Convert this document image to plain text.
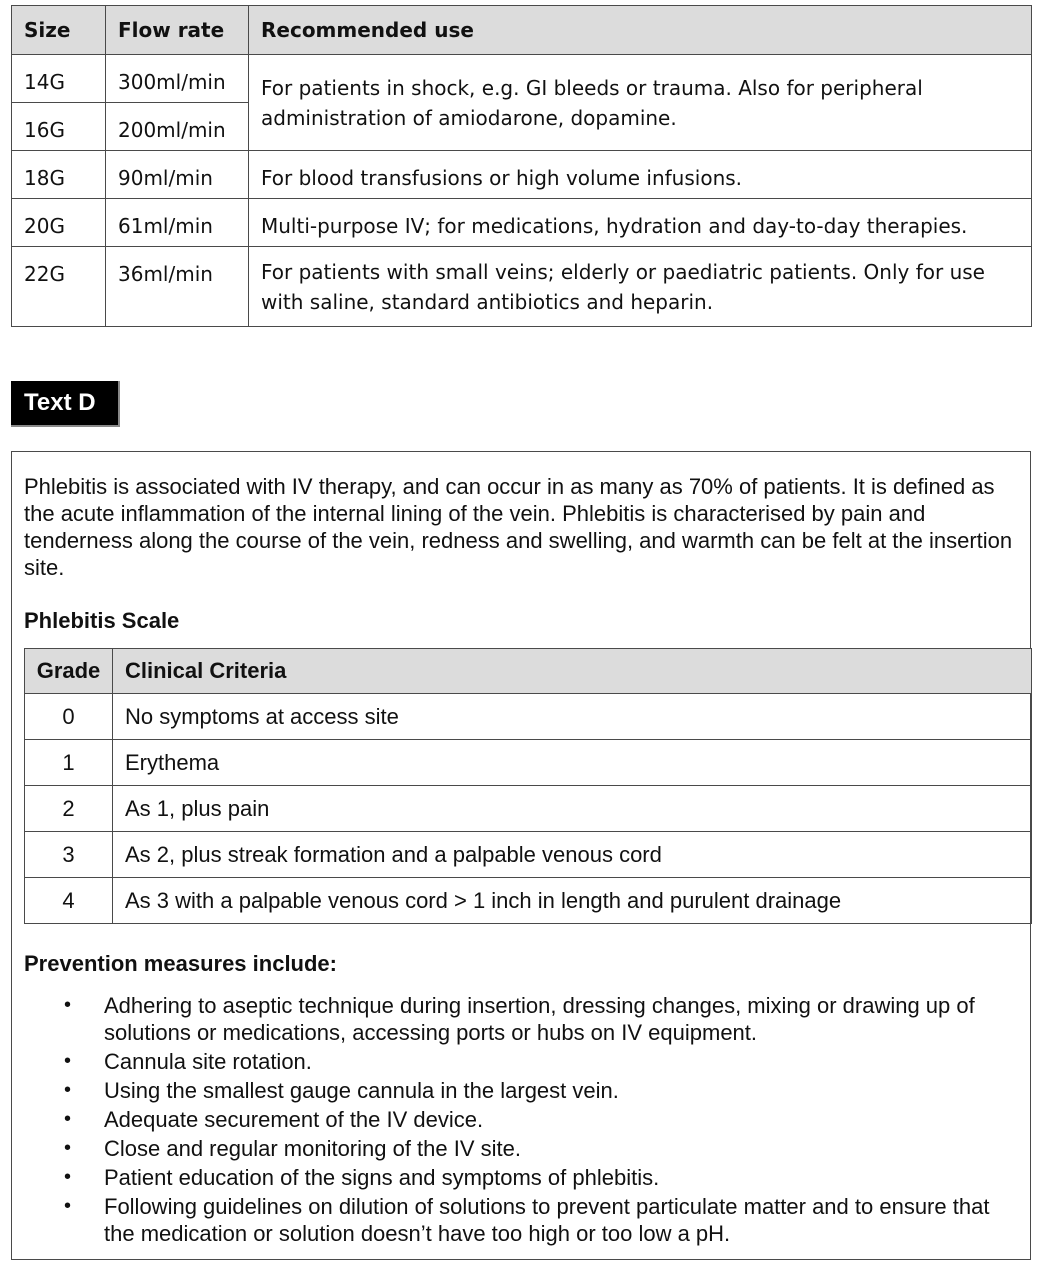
Size	Flow rate	Recommended use
14G	300ml/min	For patients in shock, e.g. GI bleeds or trauma. Also for peripheral administration of amiodarone, dopamine.
16G	200ml/min	
18G	90ml/min	For blood transfusions or high volume infusions.
20G	61ml/min	Multi-purpose IV; for medications, hydration and day-to-day therapies.
22G	36ml/min	For patients with small veins; elderly or paediatric patients. Only for use with saline, standard antibiotics and heparin.
Text D

Phlebitis is associated with IV therapy, and can occur in as many as 70% of patients. It is defined as the acute inflammation of the internal lining of the vein. Phlebitis is characterised by pain and tenderness along the course of the vein, redness and swelling, and warmth can be felt at the insertion site.

Phlebitis Scale
Grade	Clinical Criteria
0	No symptoms at access site
1	Erythema
2	As 1, plus pain
3	As 2, plus streak formation and a palpable venous cord
4	As 3 with a palpable venous cord > 1 inch in length and purulent drainage
Prevention measures include:
• Adhering to aseptic technique during insertion, dressing changes, mixing or drawing up of solutions or medications, accessing ports or hubs on IV equipment.
• Cannula site rotation.
• Using the smallest gauge cannula in the largest vein.
• Adequate securement of the IV device.
• Close and regular monitoring of the IV site.
• Patient education of the signs and symptoms of phlebitis.
• Following guidelines on dilution of solutions to prevent particulate matter and to ensure that the medication or solution doesn’t have too high or too low a pH.
